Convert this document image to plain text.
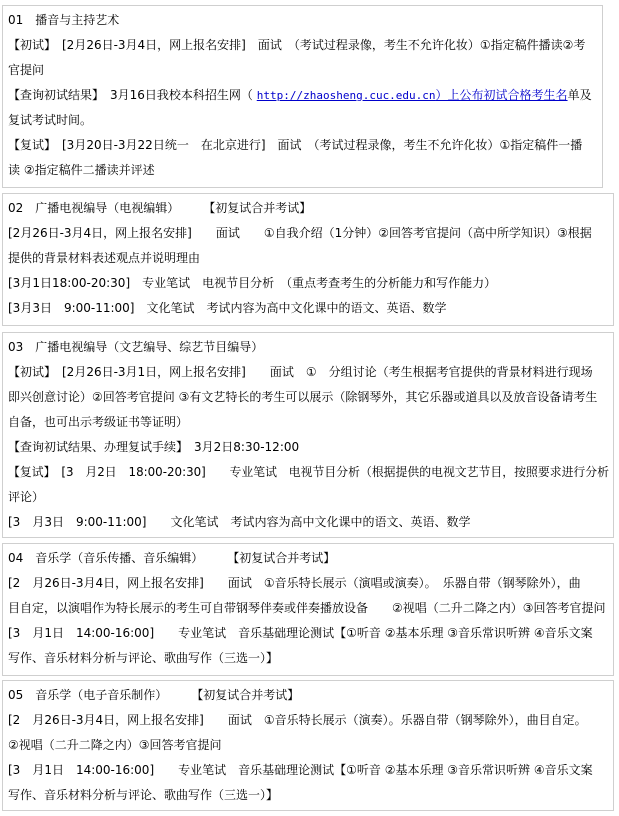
01　播音与主持艺术
【初试】　[2月26日-3月4日，网上报名安排]　面试　（考试过程录像，考生不允许化妆）①指定稿件播读②考
官提问
【查询初试结果】　3月16日我校本科招生网（ http://zhaosheng.cuc.edu.cn）上公布初试合格考生名单及
复试考试时间。
【复试】　[3月20日-3月22日统一　在北京进行]　面试　（考试过程录像，考生不允许化妆）①指定稿件一播
读 ②指定稿件二播读并评述
02　广播电视编导（电视编辑）　　　【初复试合并考试】
[2月26日-3月4日，网上报名安排]　　面试　　①自我介绍（1分钟）②回答考官提问（高中所学知识）③根据
提供的背景材料表述观点并说明理由
[3月1日18:00-20:30]　专业笔试　电视节目分析　（重点考查考生的分析能力和写作能力）
[3月3日　9:00-11:00]　文化笔试　考试内容为高中文化课中的语文、英语、数学
03　广播电视编导（文艺编导、综艺节目编导）
【初试】　[2月26日-3月1日，网上报名安排]　　面试　①　分组讨论（考生根据考官提供的背景材料进行现场
即兴创意讨论）②回答考官提问 ③有文艺特长的考生可以展示（除钢琴外，其它乐器或道具以及放音设备请考生
自备，也可出示考级证书等证明）
【查询初试结果、办理复试手续】　3月2日8:30-12:00
【复试】　[3　月2日　18:00-20:30]　　专业笔试　电视节目分析（根据提供的电视文艺节目，按照要求进行分析
评论）
[3　月3日　9:00-11:00]　　文化笔试　考试内容为高中文化课中的语文、英语、数学
04　音乐学（音乐传播、音乐编辑）　　　【初复试合并考试】
[2　月26日-3月4日，网上报名安排]　　面试　①音乐特长展示（演唱或演奏）。　乐器自带（钢琴除外），曲
目自定，以演唱作为特长展示的考生可自带钢琴伴奏或伴奏播放设备　　②视唱（二升二降之内）③回答考官提问
[3　月1日　14:00-16:00]　　专业笔试　音乐基础理论测试【①听音 ②基本乐理 ③音乐常识听辨 ④音乐文案
写作、音乐材料分析与评论、歌曲写作（三选一）】
05　音乐学（电子音乐制作）　　　【初复试合并考试】
[2　月26日-3月4日，网上报名安排]　　面试　①音乐特长展示（演奏）。乐器自带（钢琴除外），曲目自定。
②视唱（二升二降之内）③回答考官提问
[3　月1日　14:00-16:00]　　专业笔试　音乐基础理论测试【①听音 ②基本乐理 ③音乐常识听辨 ④音乐文案
写作、音乐材料分析与评论、歌曲写作（三选一）】
